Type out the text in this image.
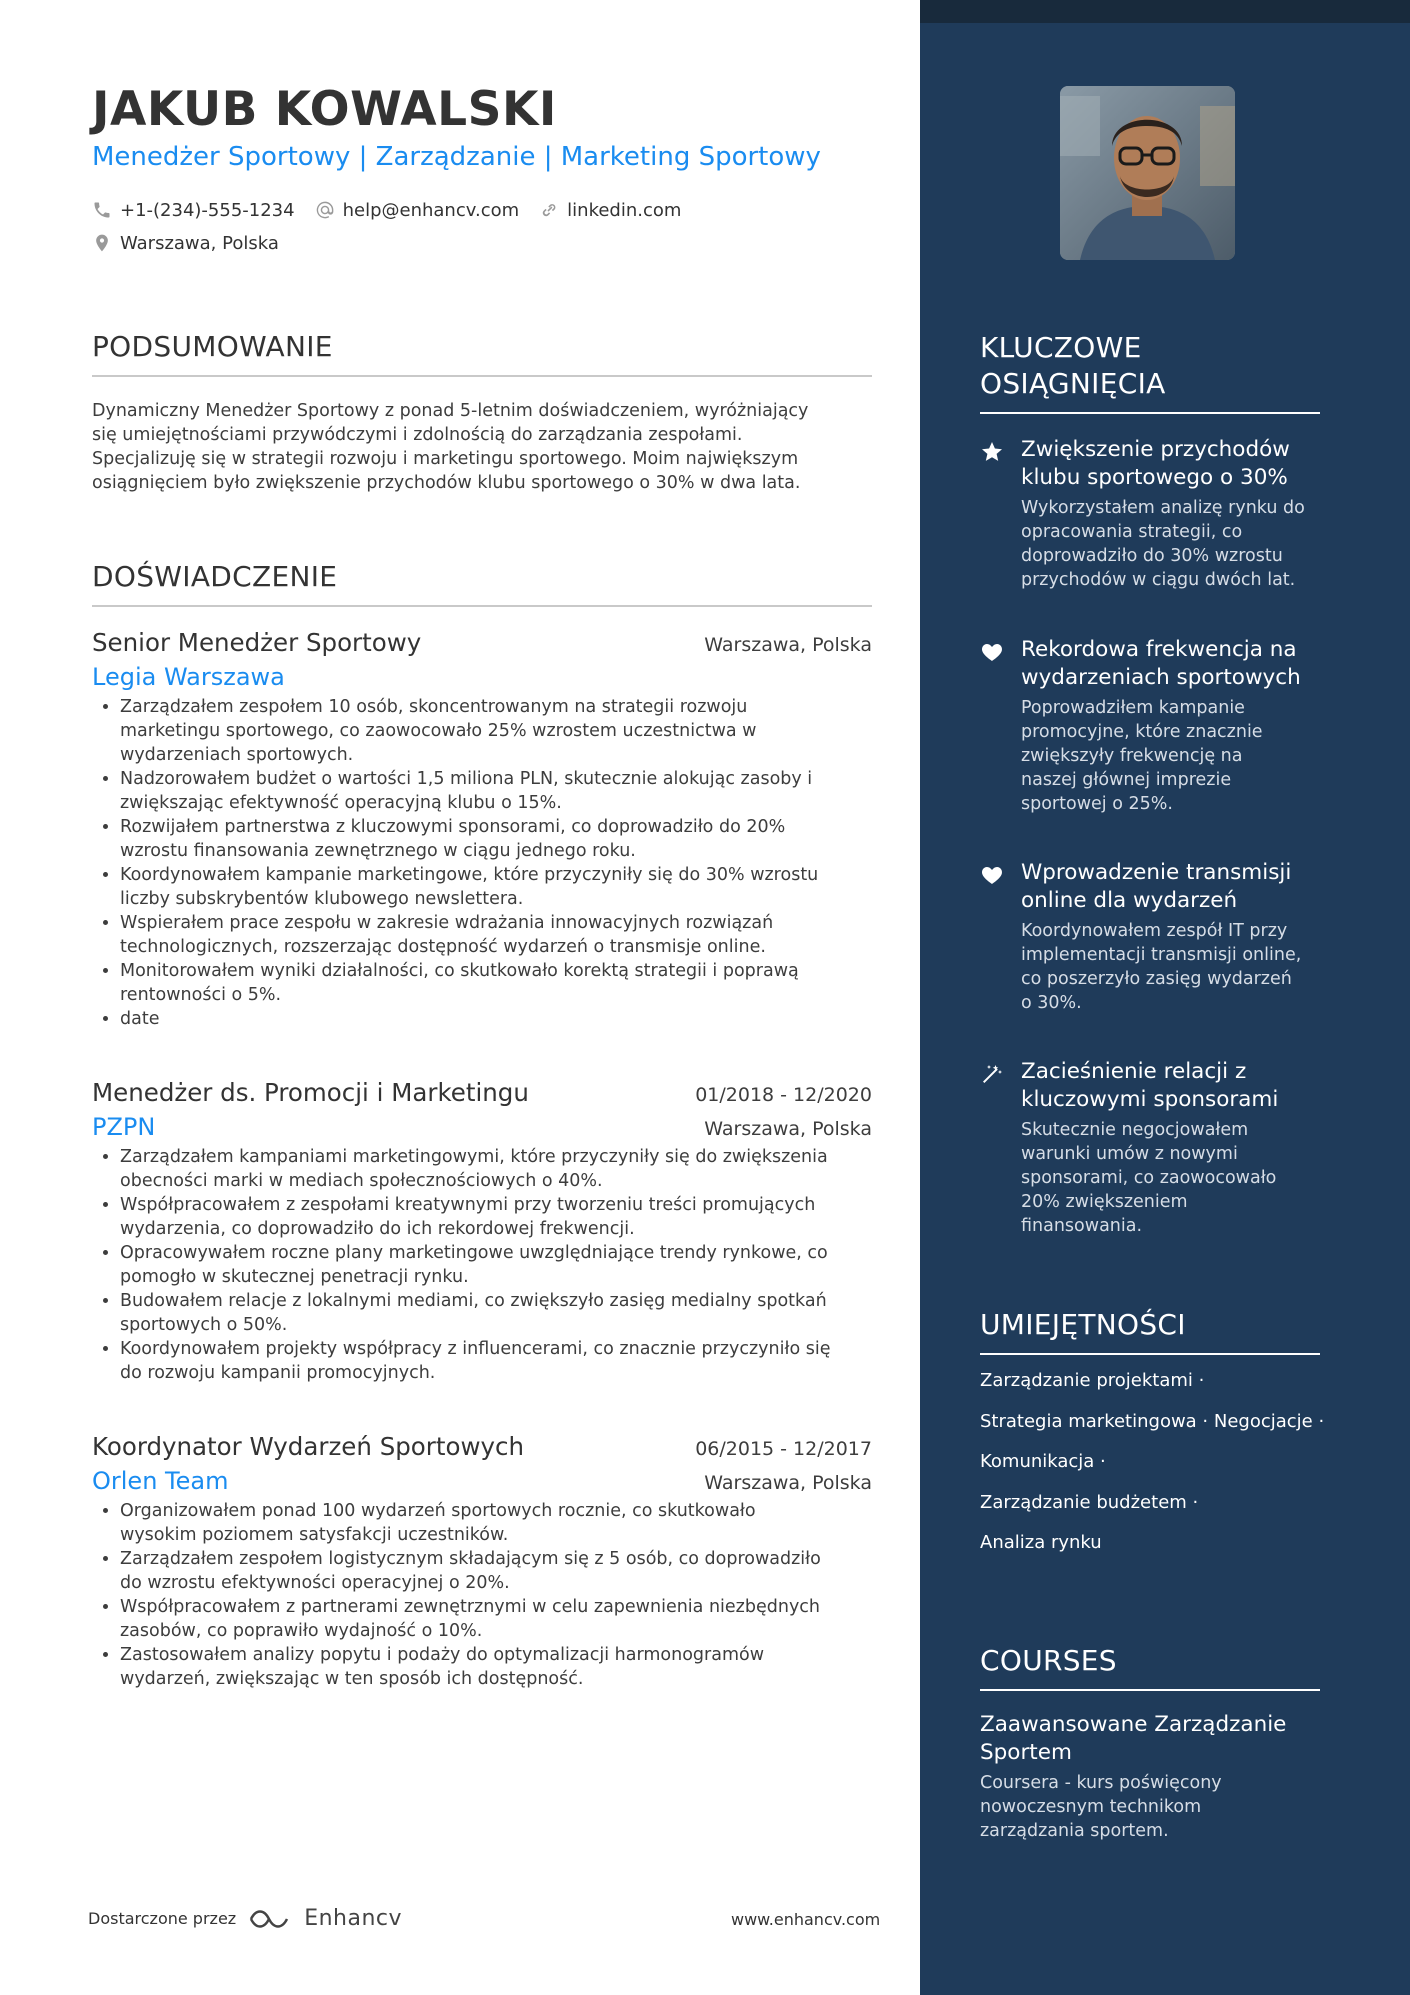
JAKUB KOWALSKI
Menedżer Sportowy | Zarządzanie | Marketing Sportowy
+1-(234)-555-1234	help@enhancv.com	linkedin.com
Warszawa, Polska
PODSUMOWANIE
Dynamiczny Menedżer Sportowy z ponad 5-letnim doświadczeniem, wyróżniający
się umiejętnościami przywódczymi i zdolnością do zarządzania zespołami.
Specjalizuję się w strategii rozwoju i marketingu sportowego. Moim największym
osiągnięciem było zwiększenie przychodów klubu sportowego o 30% w dwa lata.
DOŚWIADCZENIE
Senior Menedżer Sportowy	Warszawa, Polska
Legia Warszawa
• Zarządzałem zespołem 10 osób, skoncentrowanym na strategii rozwoju
marketingu sportowego, co zaowocowało 25% wzrostem uczestnictwa w
wydarzeniach sportowych.
• Nadzorowałem budżet o wartości 1,5 miliona PLN, skutecznie alokując zasoby i
zwiększając efektywność operacyjną klubu o 15%.
• Rozwijałem partnerstwa z kluczowymi sponsorami, co doprowadziło do 20%
wzrostu finansowania zewnętrznego w ciągu jednego roku.
• Koordynowałem kampanie marketingowe, które przyczyniły się do 30% wzrostu
liczby subskrybentów klubowego newslettera.
• Wspierałem prace zespołu w zakresie wdrażania innowacyjnych rozwiązań
technologicznych, rozszerzając dostępność wydarzeń o transmisje online.
• Monitorowałem wyniki działalności, co skutkowało korektą strategii i poprawą
rentowności o 5%.
• date
Menedżer ds. Promocji i Marketingu	01/2018 - 12/2020
PZPN	Warszawa, Polska
• Zarządzałem kampaniami marketingowymi, które przyczyniły się do zwiększenia
obecności marki w mediach społecznościowych o 40%.
• Współpracowałem z zespołami kreatywnymi przy tworzeniu treści promujących
wydarzenia, co doprowadziło do ich rekordowej frekwencji.
• Opracowywałem roczne plany marketingowe uwzględniające trendy rynkowe, co
pomogło w skutecznej penetracji rynku.
• Budowałem relacje z lokalnymi mediami, co zwiększyło zasięg medialny spotkań
sportowych o 50%.
• Koordynowałem projekty współpracy z influencerami, co znacznie przyczyniło się
do rozwoju kampanii promocyjnych.
Koordynator Wydarzeń Sportowych	06/2015 - 12/2017
Orlen Team	Warszawa, Polska
• Organizowałem ponad 100 wydarzeń sportowych rocznie, co skutkowało
wysokim poziomem satysfakcji uczestników.
• Zarządzałem zespołem logistycznym składającym się z 5 osób, co doprowadziło
do wzrostu efektywności operacyjnej o 20%.
• Współpracowałem z partnerami zewnętrznymi w celu zapewnienia niezbędnych
zasobów, co poprawiło wydajność o 10%.
• Zastosowałem analizy popytu i podaży do optymalizacji harmonogramów
wydarzeń, zwiększając w ten sposób ich dostępność.
KLUCZOWE
OSIĄGNIĘCIA
Zwiększenie przychodów
klubu sportowego o 30%
Wykorzystałem analizę rynku do
opracowania strategii, co
doprowadziło do 30% wzrostu
przychodów w ciągu dwóch lat.
Rekordowa frekwencja na
wydarzeniach sportowych
Poprowadziłem kampanie
promocyjne, które znacznie
zwiększyły frekwencję na
naszej głównej imprezie
sportowej o 25%.
Wprowadzenie transmisji
online dla wydarzeń
Koordynowałem zespół IT przy
implementacji transmisji online,
co poszerzyło zasięg wydarzeń
o 30%.
Zacieśnienie relacji z
kluczowymi sponsorami
Skutecznie negocjowałem
warunki umów z nowymi
sponsorami, co zaowocowało
20% zwiększeniem
finansowania.
UMIEJĘTNOŚCI
Zarządzanie projektami ·
Strategia marketingowa · Negocjacje ·
Komunikacja ·
Zarządzanie budżetem ·
Analiza rynku
COURSES
Zaawansowane Zarządzanie
Sportem
Coursera - kurs poświęcony
nowoczesnym technikom
zarządzania sportem.
Dostarczone przez	Enhancv	www.enhancv.com
